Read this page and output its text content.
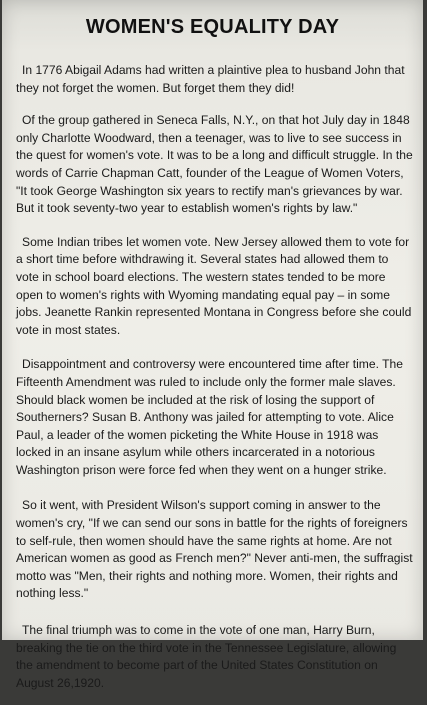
WOMEN'S EQUALITY DAY

In 1776 Abigail Adams had written a plaintive plea to husband John that they not forget the women. But forget them they did!

Of the group gathered in Seneca Falls, N.Y., on that hot July day in 1848 only Charlotte Woodward, then a teenager, was to live to see success in the quest for women's vote. It was to be a long and difficult struggle. In the words of Carrie Chapman Catt, founder of the League of Women Voters, "It took George Washington six years to rectify man's grievances by war. But it took seventy-two year to establish women's rights by law."

Some Indian tribes let women vote. New Jersey allowed them to vote for a short time before withdrawing it. Several states had allowed them to vote in school board elections. The western states tended to be more open to women's rights with Wyoming mandating equal pay – in some jobs. Jeanette Rankin represented Montana in Congress before she could vote in most states.

Disappointment and controversy were encountered time after time. The Fifteenth Amendment was ruled to include only the former male slaves. Should black women be included at the risk of losing the support of Southerners? Susan B. Anthony was jailed for attempting to vote. Alice Paul, a leader of the women picketing the White House in 1918 was locked in an insane asylum while others incarcerated in a notorious Washington prison were force fed when they went on a hunger strike.

So it went, with President Wilson's support coming in answer to the women's cry, "If we can send our sons in battle for the rights of foreigners to self-rule, then women should have the same rights at home. Are not American women as good as French men?" Never anti-men, the suffragist motto was "Men, their rights and nothing more. Women, their rights and nothing less."

The final triumph was to come in the vote of one man, Harry Burn, breaking the tie on the third vote in the Tennessee Legislature, allowing the amendment to become part of the United States Constitution on August 26,1920.
